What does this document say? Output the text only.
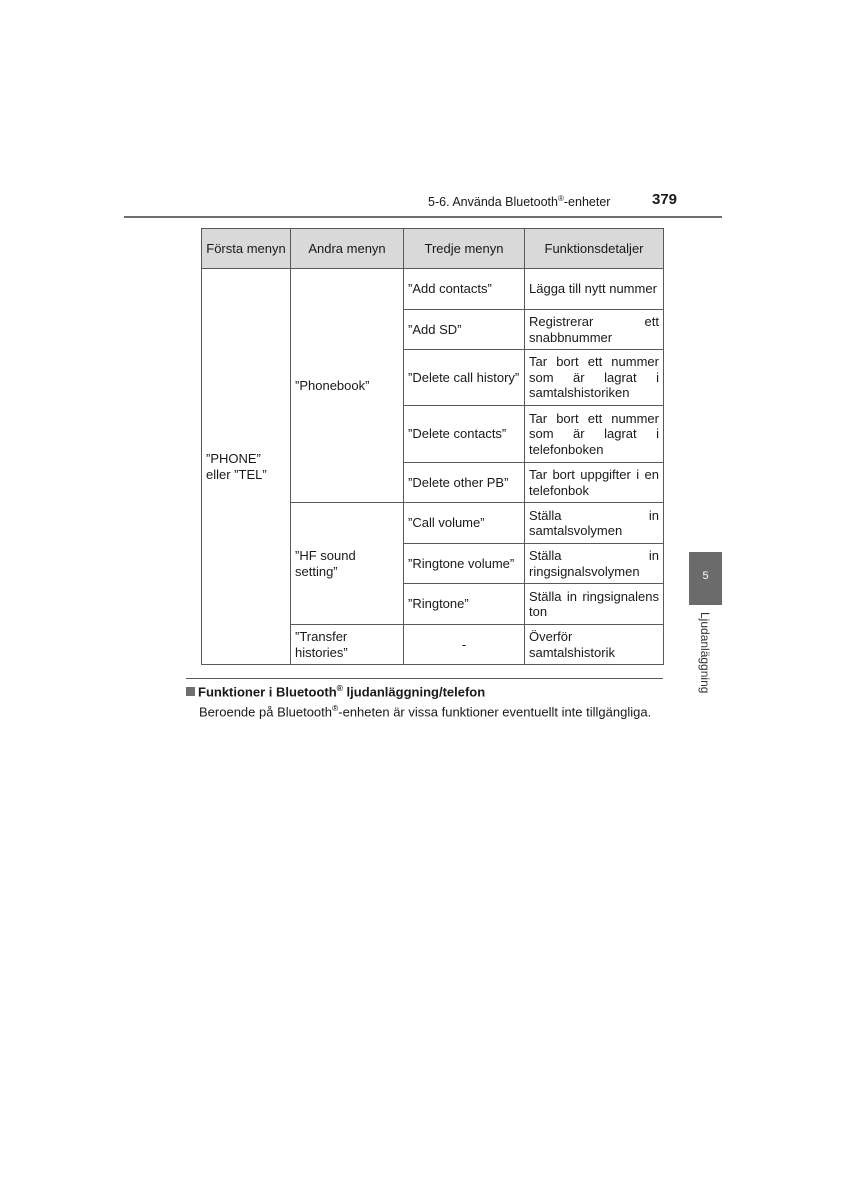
5-6. Använda Bluetooth®-enheter	379
5
Ljudanläggning
Första menyn	Andra menyn	Tredje menyn	Funktionsdetaljer
”PHONE” eller ”TEL”	”Phonebook”	”Add contacts”	Lägga till nytt nummer
		”Add SD”	Registrerar ett snabbnummer
		”Delete call history”	Tar bort ett nummer som är lagrat i samtalshistoriken
		”Delete contacts”	Tar bort ett nummer som är lagrat i telefonboken
		”Delete other PB”	Tar bort uppgifter i en telefonbok
	”HF sound setting”	”Call volume”	Ställa in samtalsvolymen
		”Ringtone volume”	Ställa in ringsignalsvolymen
		”Ringtone”	Ställa in ringsignalens ton
	”Transfer histories”	-	Överför samtalshistorik
Funktioner i Bluetooth® ljudanläggning/telefon
Beroende på Bluetooth®-enheten är vissa funktioner eventuellt inte tillgängliga.
